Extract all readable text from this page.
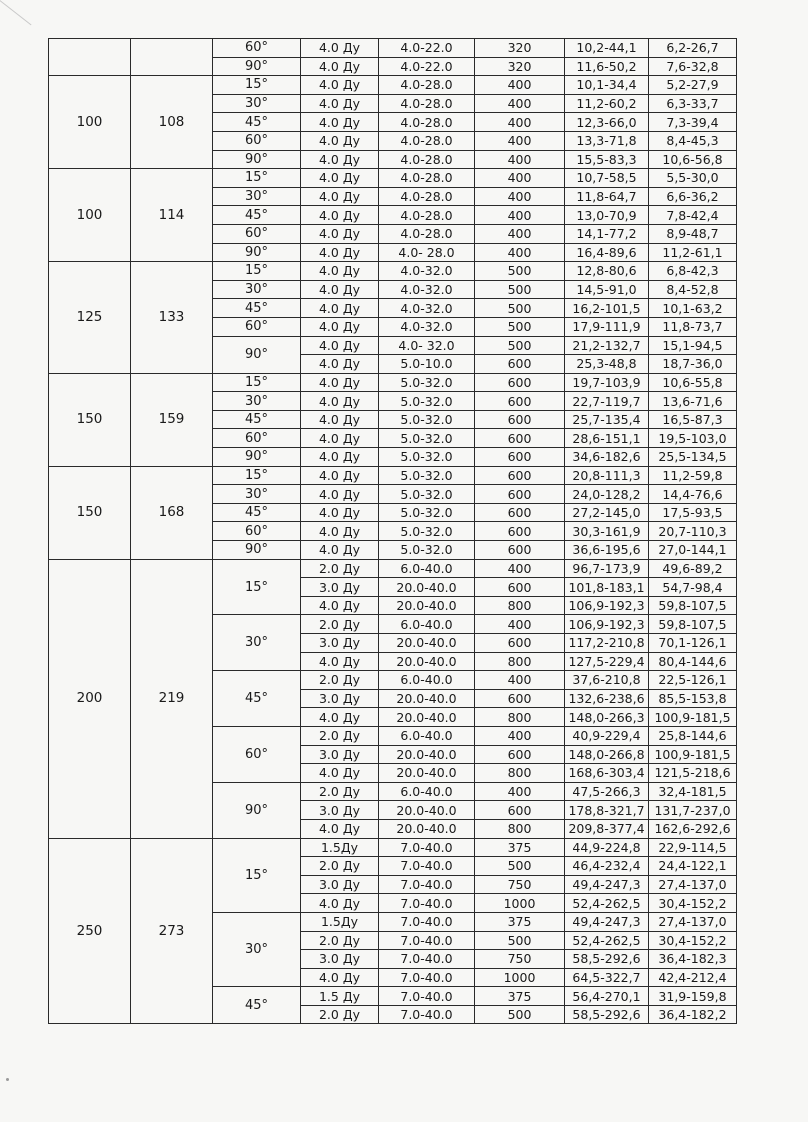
		60°	4.0 Ду	4.0-22.0	320	10,2-44,1	6,2-26,7
		90°	4.0 Ду	4.0-22.0	320	11,6-50,2	7,6-32,8
100	108	15°	4.0 Ду	4.0-28.0	400	10,1-34,4	5,2-27,9
		30°	4.0 Ду	4.0-28.0	400	11,2-60,2	6,3-33,7
		45°	4.0 Ду	4.0-28.0	400	12,3-66,0	7,3-39,4
		60°	4.0 Ду	4.0-28.0	400	13,3-71,8	8,4-45,3
		90°	4.0 Ду	4.0-28.0	400	15,5-83,3	10,6-56,8
100	114	15°	4.0 Ду	4.0-28.0	400	10,7-58,5	5,5-30,0
		30°	4.0 Ду	4.0-28.0	400	11,8-64,7	6,6-36,2
		45°	4.0 Ду	4.0-28.0	400	13,0-70,9	7,8-42,4
		60°	4.0 Ду	4.0-28.0	400	14,1-77,2	8,9-48,7
		90°	4.0 Ду	4.0- 28.0	400	16,4-89,6	11,2-61,1
125	133	15°	4.0 Ду	4.0-32.0	500	12,8-80,6	6,8-42,3
		30°	4.0 Ду	4.0-32.0	500	14,5-91,0	8,4-52,8
		45°	4.0 Ду	4.0-32.0	500	16,2-101,5	10,1-63,2
		60°	4.0 Ду	4.0-32.0	500	17,9-111,9	11,8-73,7
		90°	4.0 Ду	4.0- 32.0	500	21,2-132,7	15,1-94,5
			4.0 Ду	5.0-10.0	600	25,3-48,8	18,7-36,0
150	159	15°	4.0 Ду	5.0-32.0	600	19,7-103,9	10,6-55,8
		30°	4.0 Ду	5.0-32.0	600	22,7-119,7	13,6-71,6
		45°	4.0 Ду	5.0-32.0	600	25,7-135,4	16,5-87,3
		60°	4.0 Ду	5.0-32.0	600	28,6-151,1	19,5-103,0
		90°	4.0 Ду	5.0-32.0	600	34,6-182,6	25,5-134,5
150	168	15°	4.0 Ду	5.0-32.0	600	20,8-111,3	11,2-59,8
		30°	4.0 Ду	5.0-32.0	600	24,0-128,2	14,4-76,6
		45°	4.0 Ду	5.0-32.0	600	27,2-145,0	17,5-93,5
		60°	4.0 Ду	5.0-32.0	600	30,3-161,9	20,7-110,3
		90°	4.0 Ду	5.0-32.0	600	36,6-195,6	27,0-144,1
200	219	15°	2.0 Ду	6.0-40.0	400	96,7-173,9	49,6-89,2
			3.0 Ду	20.0-40.0	600	101,8-183,1	54,7-98,4
			4.0 Ду	20.0-40.0	800	106,9-192,3	59,8-107,5
		30°	2.0 Ду	6.0-40.0	400	106,9-192,3	59,8-107,5
			3.0 Ду	20.0-40.0	600	117,2-210,8	70,1-126,1
			4.0 Ду	20.0-40.0	800	127,5-229,4	80,4-144,6
		45°	2.0 Ду	6.0-40.0	400	37,6-210,8	22,5-126,1
			3.0 Ду	20.0-40.0	600	132,6-238,6	85,5-153,8
			4.0 Ду	20.0-40.0	800	148,0-266,3	100,9-181,5
		60°	2.0 Ду	6.0-40.0	400	40,9-229,4	25,8-144,6
			3.0 Ду	20.0-40.0	600	148,0-266,8	100,9-181,5
			4.0 Ду	20.0-40.0	800	168,6-303,4	121,5-218,6
		90°	2.0 Ду	6.0-40.0	400	47,5-266,3	32,4-181,5
			3.0 Ду	20.0-40.0	600	178,8-321,7	131,7-237,0
			4.0 Ду	20.0-40.0	800	209,8-377,4	162,6-292,6
250	273	15°	1.5Ду	7.0-40.0	375	44,9-224,8	22,9-114,5
			2.0 Ду	7.0-40.0	500	46,4-232,4	24,4-122,1
			3.0 Ду	7.0-40.0	750	49,4-247,3	27,4-137,0
			4.0 Ду	7.0-40.0	1000	52,4-262,5	30,4-152,2
		30°	1.5Ду	7.0-40.0	375	49,4-247,3	27,4-137,0
			2.0 Ду	7.0-40.0	500	52,4-262,5	30,4-152,2
			3.0 Ду	7.0-40.0	750	58,5-292,6	36,4-182,3
			4.0 Ду	7.0-40.0	1000	64,5-322,7	42,4-212,4
		45°	1.5 Ду	7.0-40.0	375	56,4-270,1	31,9-159,8
			2.0 Ду	7.0-40.0	500	58,5-292,6	36,4-182,2
